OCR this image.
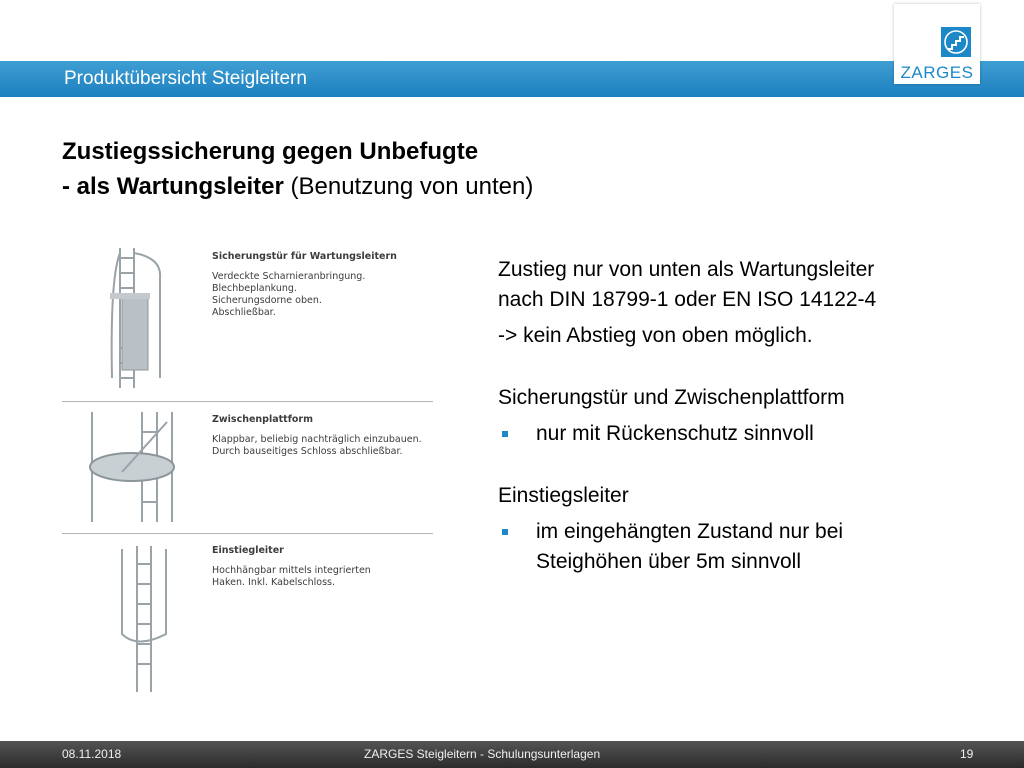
Produktübersicht Steigleitern	ZARGES
Zustiegssicherung gegen Unbefugte
- als Wartungsleiter (Benutzung von unten)
Sicherungstür für Wartungsleitern
Verdeckte Scharnieranbringung.
Blechbeplankung.
Sicherungsdorne oben.
Abschließbar.
Zwischenplattform
Klappbar, beliebig nachträglich einzubauen.
Durch bauseitiges Schloss abschließbar.
Einstiegleiter
Hochhängbar mittels integrierten
Haken. Inkl. Kabelschloss.
Zustieg nur von unten als Wartungsleiter
nach DIN 18799-1 oder EN ISO 14122-4
-> kein Abstieg von oben möglich.
Sicherungstür und Zwischenplattform
nur mit Rückenschutz sinnvoll
Einstiegsleiter
im eingehängten Zustand nur bei
Steighöhen über 5m sinnvoll
08.11.2018	ZARGES Steigleitern - Schulungsunterlagen	19
